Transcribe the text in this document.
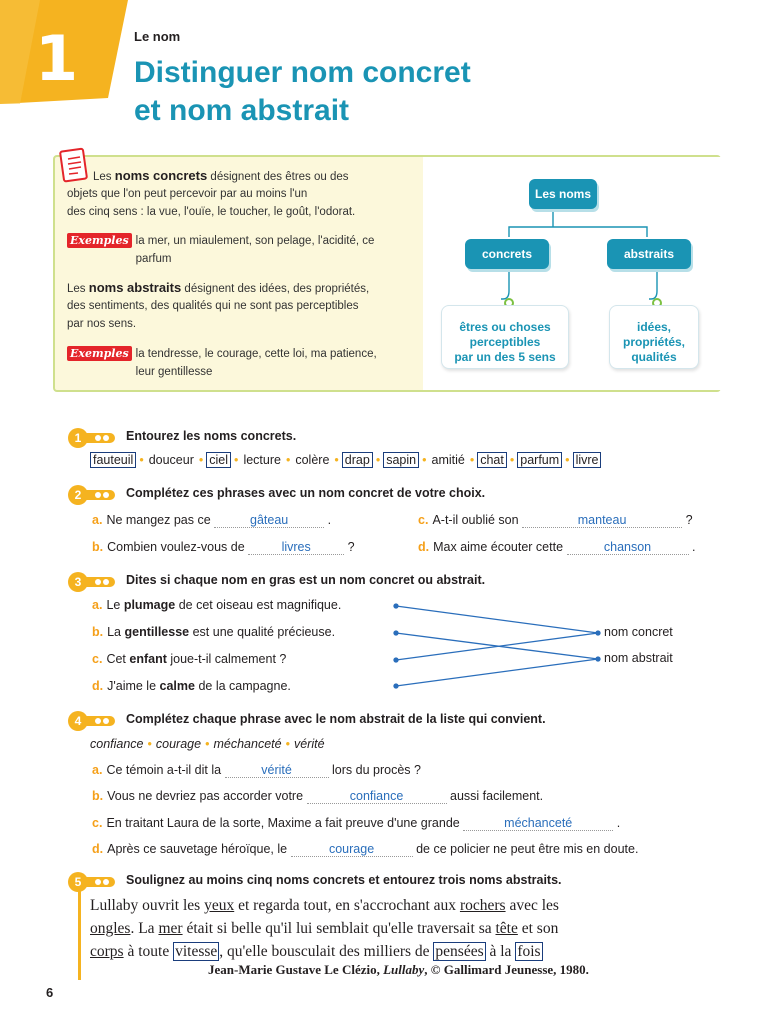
1	Le nom
Distinguer nom concret
et nom abstrait
Les noms concrets désignent des êtres ou des
objets que l'on peut percevoir par au moins l'un
des cinq sens : la vue, l'ouïe, le toucher, le goût, l'odorat.
Exemples la mer, un miaulement, son pelage, l'acidité, ce parfum
Les noms abstraits désignent des idées, des propriétés,
des sentiments, des qualités qui ne sont pas perceptibles
par nos sens.
Exemples la tendresse, le courage, cette loi, ma patience, leur gentillesse
Les noms
concrets	abstraits
êtres ou choses
perceptibles
par un des 5 sens
idées,
propriétés,
qualités
1	Entourez les noms concrets.
fauteuil • douceur • ciel • lecture • colère • drap • sapin • amitié • chat • parfum • livre
2	Complétez ces phrases avec un nom concret de votre choix.
a. Ne mangez pas ce	gâteau	.	c. A-t-il oublié son	manteau	?
b. Combien voulez-vous de	livres	?	d. Max aime écouter cette	chanson	.
3	Dites si chaque nom en gras est un nom concret ou abstrait.
a. Le plumage de cet oiseau est magnifique.
b. La gentillesse est une qualité précieuse.
c. Cet enfant joue-t-il calmement ?
d. J'aime le calme de la campagne.
nom concret
nom abstrait
4	Complétez chaque phrase avec le nom abstrait de la liste qui convient.
confiance • courage • méchanceté • vérité
a. Ce témoin a-t-il dit la	vérité	lors du procès ?
b. Vous ne devriez pas accorder votre	confiance	aussi facilement.
c. En traitant Laura de la sorte, Maxime a fait preuve d'une grande	méchanceté	.
d. Après ce sauvetage héroïque, le	courage	de ce policier ne peut être mis en doute.
5	Soulignez au moins cinq noms concrets et entourez trois noms abstraits.
Lullaby ouvrit les yeux et regarda tout, en s'accrochant aux rochers avec les
ongles. La mer était si belle qu'il lui semblait qu'elle traversait sa tête et son
corps à toute vitesse , qu'elle bousculait des milliers de pensées à la fois
Jean-Marie Gustave Le Clézio, Lullaby, © Gallimard Jeunesse, 1980.
6
